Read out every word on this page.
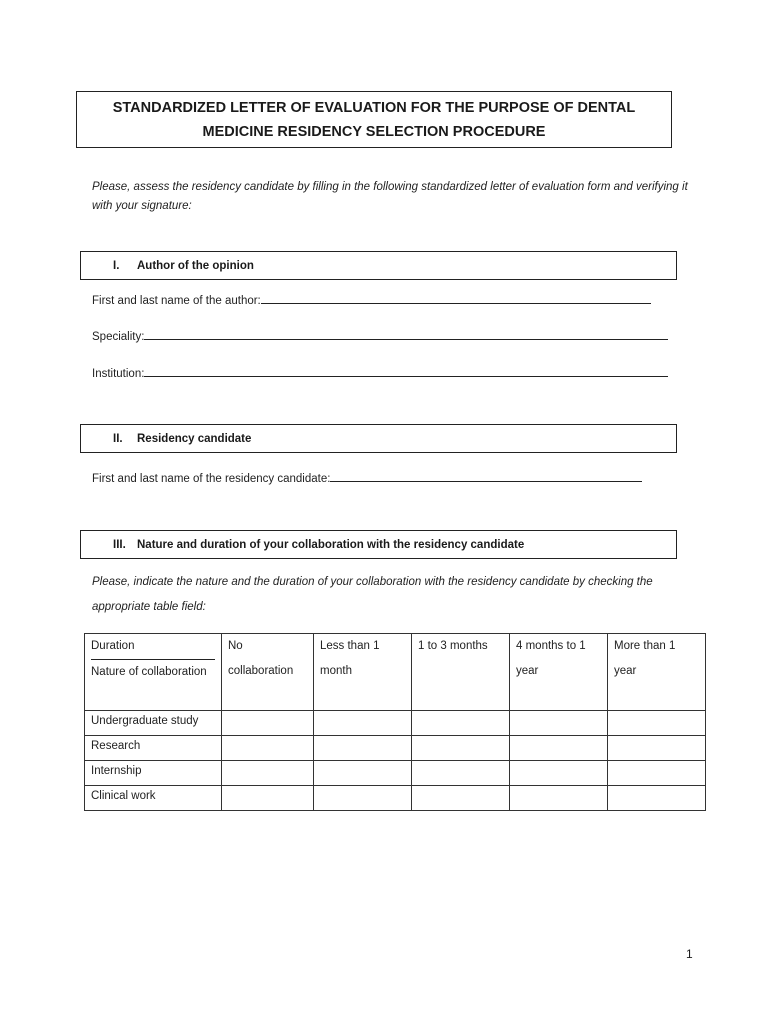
STANDARDIZED LETTER OF EVALUATION FOR THE PURPOSE OF DENTAL
MEDICINE RESIDENCY SELECTION PROCEDURE
Please, assess the residency candidate by filling in the following standardized letter of evaluation form and verifying it with your signature:
I.	Author of the opinion
First and last name of the author:
Speciality:
Institution:
II.	Residency candidate
First and last name of the residency candidate:
III. Nature and duration of your collaboration with the residency candidate
Please, indicate the nature and the duration of your collaboration with the residency candidate by checking the appropriate table field:
Duration
Nature of collaboration	No collaboration	Less than 1 month	1 to 3 months	4 months to 1 year	More than 1 year
Undergraduate study					
Research					
Internship					
Clinical work					
1
